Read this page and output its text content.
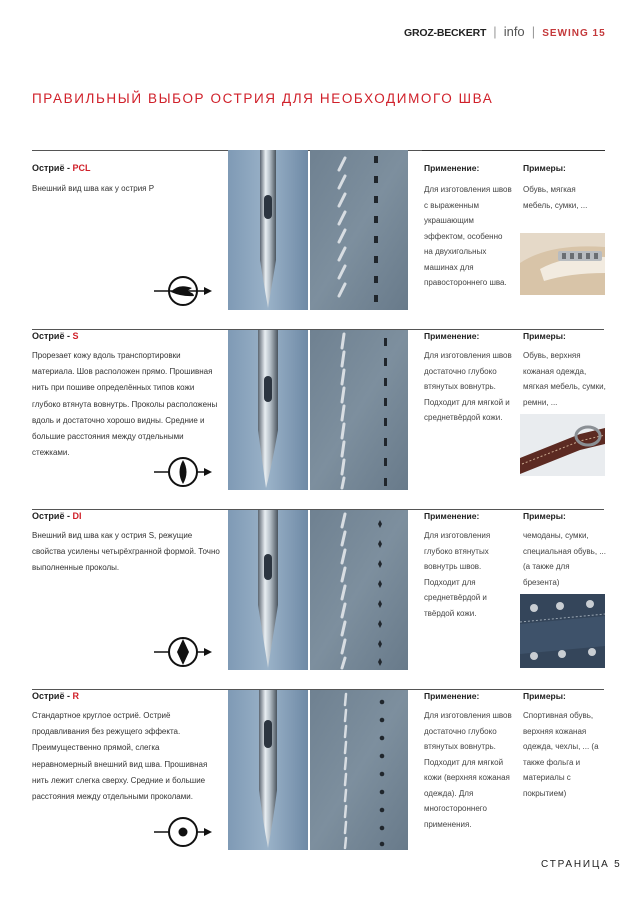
GROZ-BECKERT | info | SEWING 15
ПРАВИЛЬНЫЙ ВЫБОР ОСТРИЯ ДЛЯ НЕОБХОДИМОГО ШВА
Остриё - PCL
Внешний вид шва как у острия P
Применение:
Для изготовления швов с выраженным украшающим эффектом, особенно на двухигольных машинах для правостороннего шва.
Примеры:
Обувь, мягкая мебель, сумки, ...
Остриё - S
Прорезает кожу вдоль транспортировки материала. Шов расположен прямо. Прошивная нить при пошиве определённых типов кожи глубоко втянута вовнутрь. Проколы расположены вдоль и достаточно хорошо видны. Средние и большие расстояния между отдельными стежками.
Применение:
Для изготовления швов достаточно глубоко втянутых вовнутрь. Подходит для мягкой и среднетвёрдой кожи.
Примеры:
Обувь, верхняя кожаная одежда, мягкая мебель, сумки, ремни, ...
Остриё - DI
Внешний вид шва как у острия S, режущие свойства усилены четырёхгранной формой. Точно выполненные проколы.
Применение:
Для изготовления глубоко втянутых вовнутрь швов. Подходит для среднетвёрдой и твёрдой кожи.
Примеры:
чемоданы, сумки, специальная обувь, ... (а также для брезента)
Остриё - R
Стандартное круглое остриё. Остриё продавливания без режущего эффекта. Преимущественно прямой, слегка неравномерный внешний вид шва. Прошивная нить лежит слегка сверху. Средние и большие расстояния между отдельными проколами.
Применение:
Для изготовления швов достаточно глубоко втянутых вовнутрь. Подходит для мягкой кожи (верхняя кожаная одежда). Для многостороннего применения.
Примеры:
Спортивная обувь, верхняя кожаная одежда, чехлы, ... (а также фольга и материалы с покрытием)
СТРАНИЦА 5
